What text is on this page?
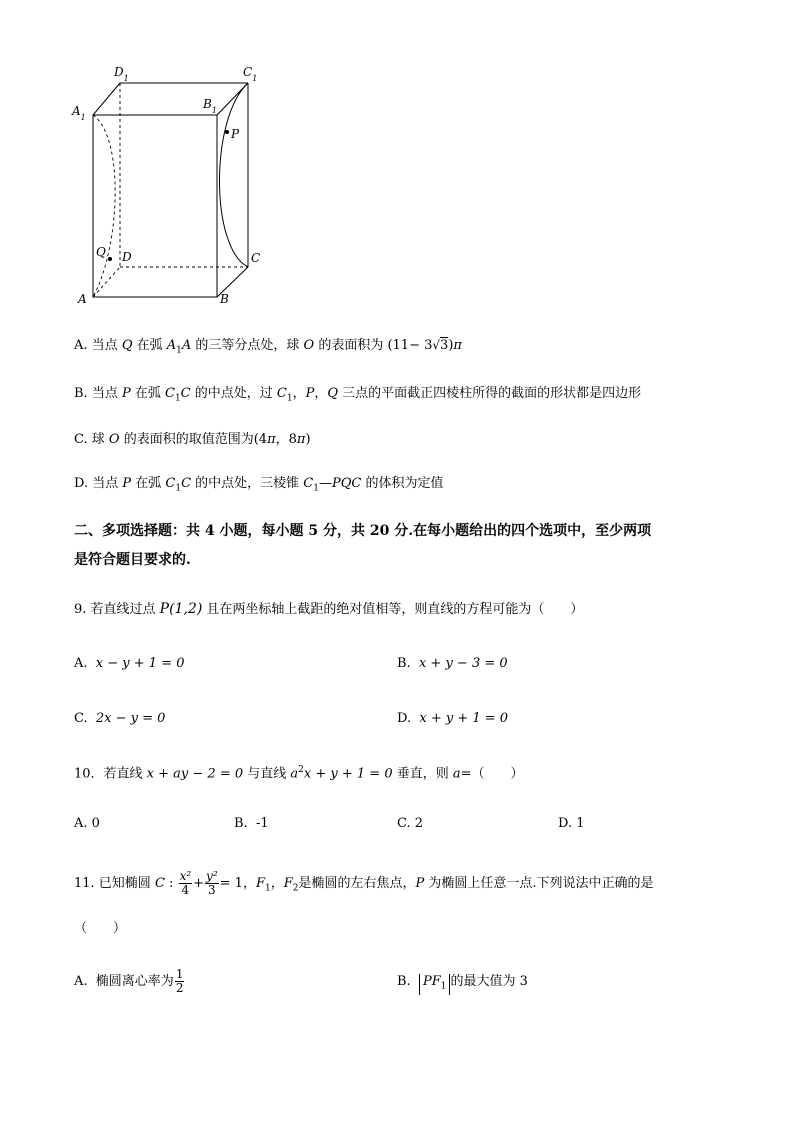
$D_1$	$C_1$
$A_1$
$B_1$
P
Q D	C
A	B
A. 当点 Q 在弧 $A_1A$ 的三等分点处，球 O 的表面积为 (11− 3√3)π
B. 当点 P 在弧 $C_1C$ 的中点处，过 $C_1$，P，Q 三点的平面截正四棱柱所得的截面的形状都是四边形
C. 球 O 的表面积的取值范围为(4π，8π)
D. 当点 P 在弧 $C_1C$ 的中点处，三棱锥 $C_1—PQC$ 的体积为定值
二、多项选择题：共 4 小题，每小题 5 分，共 20 分.在每小题给出的四个选项中，至少两项
是符合题目要求的.
9. 若直线过点 P(1,2) 且在两坐标轴上截距的绝对值相等，则直线的方程可能为（　　）
A. x − y + 1 = 0	B. x + y − 3 = 0
C. 2x − y = 0	D. x + y + 1 = 0
10．若直线 x + ay − 2 = 0 与直线 $a^2x + y + 1 = 0$ 垂直，则 a=（　　）
A. 0	B. -1	C. 2	D. 1
11. 已知椭圆 C : $\frac{\text{x²}}{4} + \frac{\text{y²}}{3} = 1$，$F_1$，$F_2$是椭圆的左右焦点，P 为椭圆上任意一点.下列说法中正确的是
（　　）
A. 椭圆离心率为 $\frac{1}{2}$	B. $PF_1$ 的最大值为 3
